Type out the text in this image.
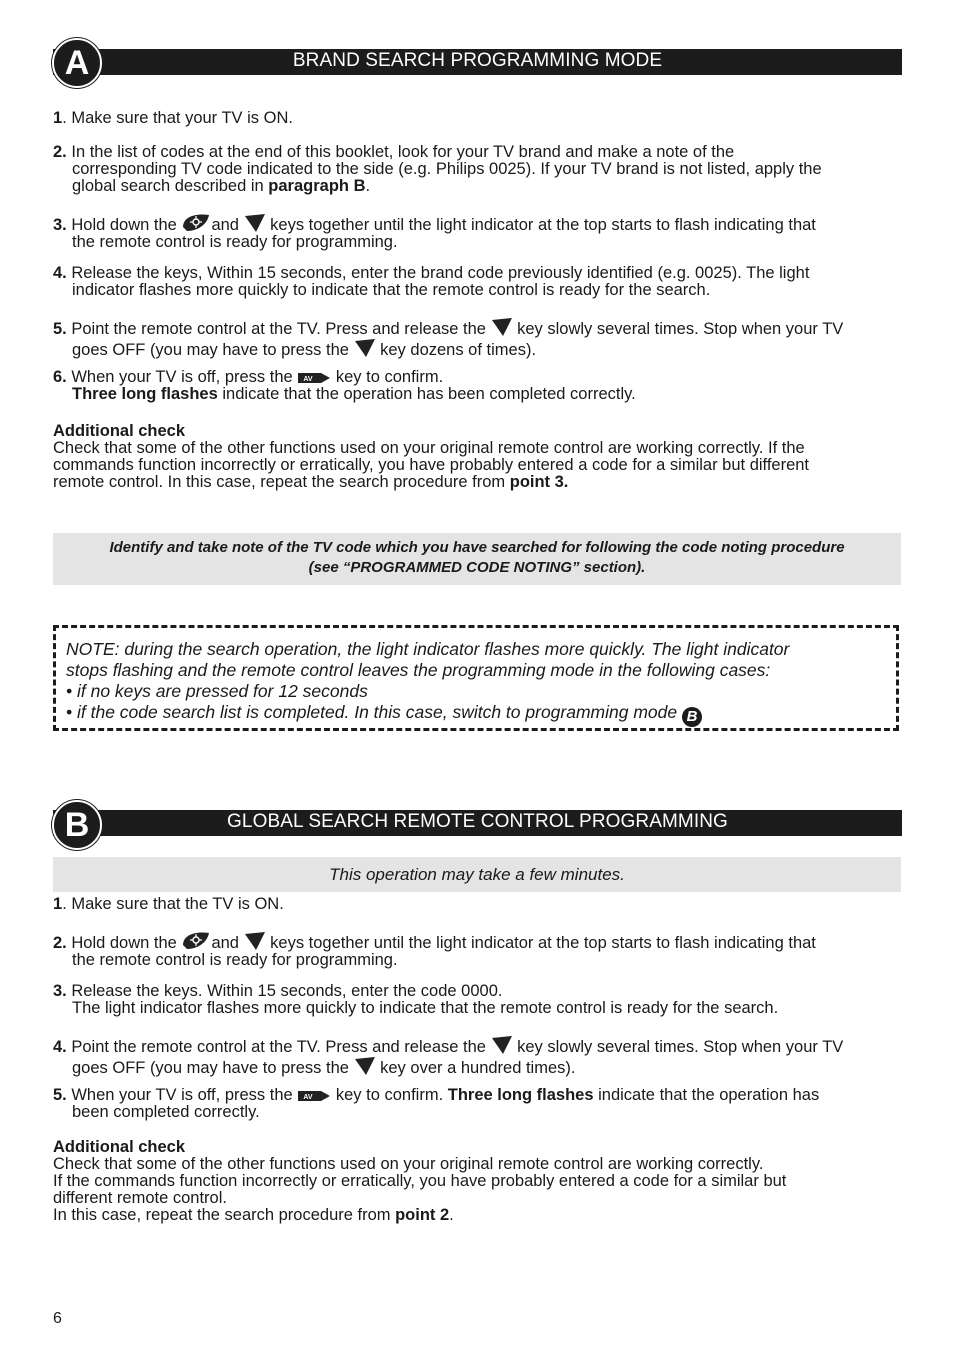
BRAND SEARCH PROGRAMMING MODE
A
1. Make sure that your TV is ON.
2. In the list of codes at the end of this booklet, look for your TV brand and make a note of the
corresponding TV code indicated to the side (e.g. Philips 0025). If your TV brand is not listed, apply the
global search described in paragraph B.
3. Hold down the and  keys together until the light indicator at the top starts to flash indicating that
the remote control is ready for programming.
4. Release the keys, Within 15 seconds, enter the brand code previously identified (e.g. 0025). The light
indicator flashes more quickly to indicate that the remote control is ready for the search.
5. Point the remote control at the TV. Press and release the  key slowly several times. Stop when your TV
goes OFF (you may have to press the  key dozens of times).
6. When your TV is off, press the AV key to confirm.
Three long flashes indicate that the operation has been completed correctly.
Additional check
Check that some of the other functions used on your original remote control are working correctly. If the
commands function incorrectly or erratically, you have probably entered a code for a similar but different
remote control. In this case, repeat the search procedure from point 3.
Identify and take note of the TV code which you have searched for following the code noting procedure
(see “PROGRAMMED CODE NOTING” section).
NOTE: during the search operation, the light indicator flashes more quickly. The light indicator
stops flashing and the remote control leaves the programming mode in the following cases:
• if no keys are pressed for 12 seconds
• if the code search list is completed. In this case, switch to programming mode B
GLOBAL SEARCH REMOTE CONTROL PROGRAMMING
B
This operation may take a few minutes.
1. Make sure that the TV is ON.
2. Hold down the and  keys together until the light indicator at the top starts to flash indicating that
the remote control is ready for programming.
3. Release the keys. Within 15 seconds, enter the code 0000.
The light indicator flashes more quickly to indicate that the remote control is ready for the search.
4. Point the remote control at the TV. Press and release the  key slowly several times. Stop when your TV
goes OFF (you may have to press the  key over a hundred times).
5. When your TV is off, press the AV key to confirm. Three long flashes indicate that the operation has
been completed correctly.
Additional check
Check that some of the other functions used on your original remote control are working correctly.
If the commands function incorrectly or erratically, you have probably entered a code for a similar but
different remote control.
In this case, repeat the search procedure from point 2.
6
